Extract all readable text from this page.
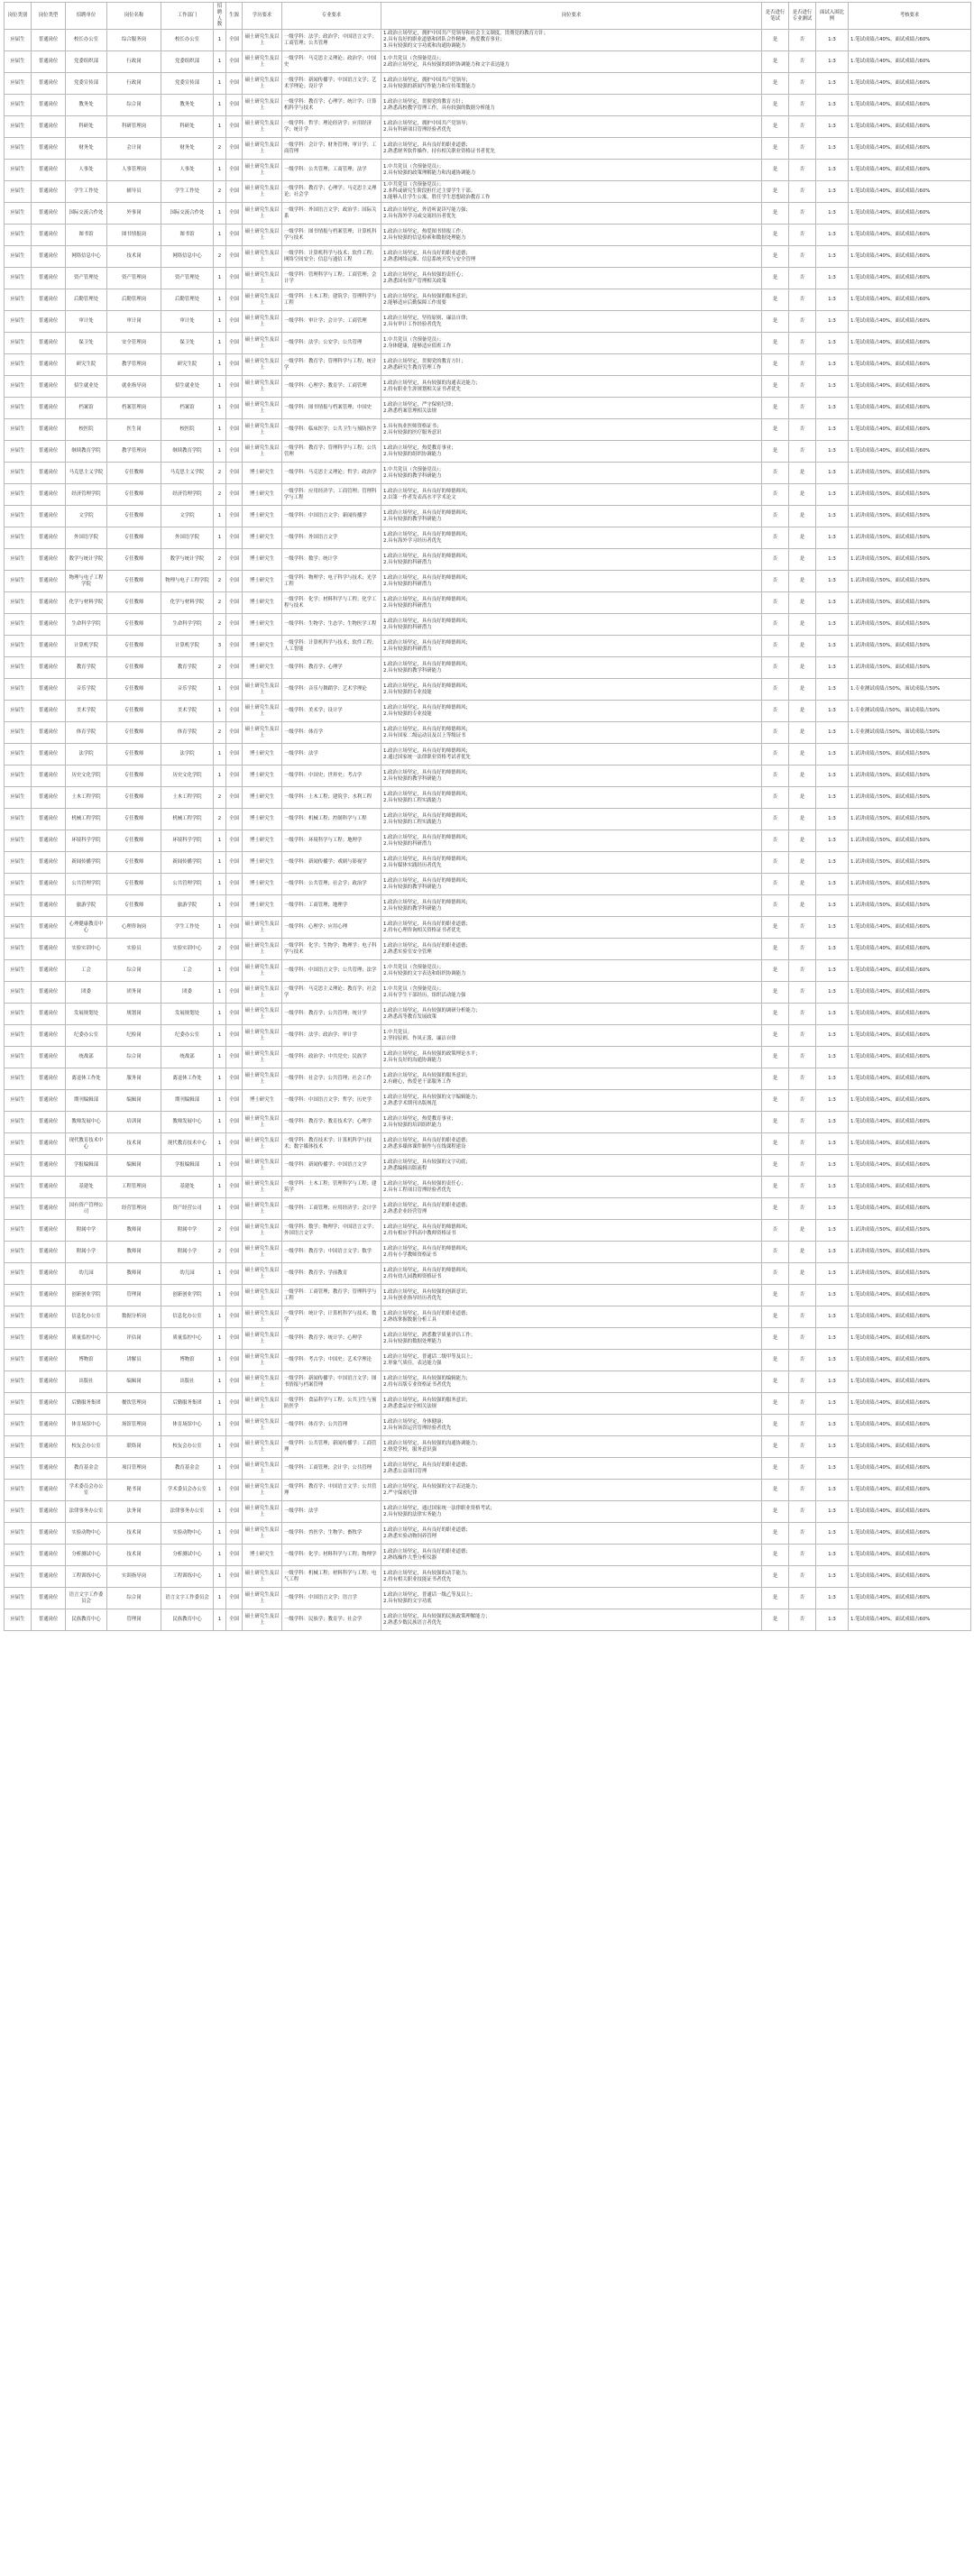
岗位类别	岗位类型	招聘单位	岗位名称	工作部门	招聘人数	生源	学历要求	专业要求	岗位要求	是否进行笔试	是否进行专业测试	面试入围比例	考核要求
应届生	普通岗位	校长办公室	综合服务岗	校长办公室	1	全国	硕士研究生及以上	一级学科：法学；政治学；中国语言文学；工商管理；公共管理	1.政治立场坚定，拥护中国共产党领导和社会主义制度，贯彻党的教育方针；
2.具有良好的职业道德和团队合作精神，热爱教育事业；
3.具有较强的文字功底和沟通协调能力	是	否	1:3	1.笔试成绩占40%，面试成绩占60%
应届生	普通岗位	党委组织部	行政岗	党委组织部	1	全国	硕士研究生及以上	一级学科：马克思主义理论；政治学；中国史	1.中共党员（含预备党员）；
2.政治立场坚定，具有较强的组织协调能力和文字表达能力	是	否	1:3	1.笔试成绩占40%，面试成绩占60%
应届生	普通岗位	党委宣传部	行政岗	党委宣传部	1	全国	硕士研究生及以上	一级学科：新闻传播学；中国语言文学；艺术学理论；设计学	1.政治立场坚定，拥护中国共产党领导；
2.具有较强的新闻写作能力和宣传策划能力	是	否	1:3	1.笔试成绩占40%，面试成绩占60%
应届生	普通岗位	教务处	综合岗	教务处	1	全国	硕士研究生及以上	一级学科：教育学；心理学；统计学；计算机科学与技术	1.政治立场坚定，贯彻党的教育方针；
2.熟悉高校教学管理工作，具有较强的数据分析能力	是	否	1:3	1.笔试成绩占40%，面试成绩占60%
应届生	普通岗位	科研处	科研管理岗	科研处	1	全国	硕士研究生及以上	一级学科：哲学；理论经济学；应用经济学；统计学	1.政治立场坚定，拥护中国共产党领导；
2.具有科研项目管理经验者优先	是	否	1:3	1.笔试成绩占40%，面试成绩占60%
应届生	普通岗位	财务处	会计岗	财务处	2	全国	硕士研究生及以上	一级学科：会计学；财务管理；审计学；工商管理	1.政治立场坚定，具有良好的职业道德；
2.熟悉财务软件操作，持有相关职业资格证书者优先	是	否	1:3	1.笔试成绩占40%，面试成绩占60%
应届生	普通岗位	人事处	人事管理岗	人事处	1	全国	硕士研究生及以上	一级学科：公共管理；工商管理；法学	1.中共党员（含预备党员）；
2.具有较强的政策理解能力和沟通协调能力	是	否	1:3	1.笔试成绩占40%，面试成绩占60%
应届生	普通岗位	学生工作处	辅导员	学生工作处	2	全国	硕士研究生及以上	一级学科：教育学；心理学；马克思主义理论；社会学	1.中共党员（含预备党员）；
2.本科或研究生阶段担任过主要学生干部；
3.能够入住学生公寓，胜任学生思想政治教育工作	是	否	1:3	1.笔试成绩占40%，面试成绩占60%
应届生	普通岗位	国际交流合作处	外事岗	国际交流合作处	1	全国	硕士研究生及以上	一级学科：外国语言文学；政治学；国际关系	1.政治立场坚定，外语听说读写能力强；
2.具有海外学习或交流经历者优先	是	否	1:3	1.笔试成绩占40%，面试成绩占60%
应届生	普通岗位	图书馆	图书情报岗	图书馆	1	全国	硕士研究生及以上	一级学科：图书情报与档案管理；计算机科学与技术	1.政治立场坚定，热爱图书情报工作；
2.具有较强的信息检索和数据处理能力	是	否	1:3	1.笔试成绩占40%，面试成绩占60%
应届生	普通岗位	网络信息中心	技术岗	网络信息中心	2	全国	硕士研究生及以上	一级学科：计算机科学与技术；软件工程；网络空间安全；信息与通信工程	1.政治立场坚定，具有良好的职业道德；
2.熟悉网络运维、信息系统开发与安全管理	是	否	1:3	1.笔试成绩占40%，面试成绩占60%
应届生	普通岗位	资产管理处	资产管理岗	资产管理处	1	全国	硕士研究生及以上	一级学科：管理科学与工程；工商管理；会计学	1.政治立场坚定，具有较强的责任心；
2.熟悉国有资产管理相关政策	是	否	1:3	1.笔试成绩占40%，面试成绩占60%
应届生	普通岗位	后勤管理处	后勤管理岗	后勤管理处	1	全国	硕士研究生及以上	一级学科：土木工程；建筑学；管理科学与工程	1.政治立场坚定，具有较强的服务意识；
2.能够适应后勤保障工作需要	是	否	1:3	1.笔试成绩占40%，面试成绩占60%
应届生	普通岗位	审计处	审计岗	审计处	1	全国	硕士研究生及以上	一级学科：审计学；会计学；工商管理	1.政治立场坚定，坚持原则、廉洁自律；
2.具有审计工作经验者优先	是	否	1:3	1.笔试成绩占40%，面试成绩占60%
应届生	普通岗位	保卫处	安全管理岗	保卫处	1	全国	硕士研究生及以上	一级学科：法学；公安学；公共管理	1.中共党员（含预备党员）；
2.身体健康，能够适应值班工作	是	否	1:3	1.笔试成绩占40%，面试成绩占60%
应届生	普通岗位	研究生院	教学管理岗	研究生院	1	全国	硕士研究生及以上	一级学科：教育学；管理科学与工程；统计学	1.政治立场坚定，贯彻党的教育方针；
2.熟悉研究生教育管理工作	是	否	1:3	1.笔试成绩占40%，面试成绩占60%
应届生	普通岗位	招生就业处	就业指导岗	招生就业处	1	全国	硕士研究生及以上	一级学科：心理学；教育学；工商管理	1.政治立场坚定，具有较强的沟通表达能力；
2.持有职业生涯规划相关证书者优先	是	否	1:3	1.笔试成绩占40%，面试成绩占60%
应届生	普通岗位	档案馆	档案管理岗	档案馆	1	全国	硕士研究生及以上	一级学科：图书情报与档案管理；中国史	1.政治立场坚定，严守保密纪律；
2.熟悉档案管理相关法规	是	否	1:3	1.笔试成绩占40%，面试成绩占60%
应届生	普通岗位	校医院	医生岗	校医院	1	全国	硕士研究生及以上	一级学科：临床医学；公共卫生与预防医学	1.具有执业医师资格证书；
2.具有较强的医疗服务意识	是	否	1:3	1.笔试成绩占40%，面试成绩占60%
应届生	普通岗位	继续教育学院	教学管理岗	继续教育学院	1	全国	硕士研究生及以上	一级学科：教育学；管理科学与工程；公共管理	1.政治立场坚定，热爱教育事业；
2.具有较强的组织协调能力	是	否	1:3	1.笔试成绩占40%，面试成绩占60%
应届生	普通岗位	马克思主义学院	专任教师	马克思主义学院	2	全国	博士研究生	一级学科：马克思主义理论；哲学；政治学	1.中共党员（含预备党员）；
2.具有较强的教学科研能力	否	是	1:3	1.试讲成绩占50%，面试成绩占50%
应届生	普通岗位	经济管理学院	专任教师	经济管理学院	2	全国	博士研究生	一级学科：应用经济学；工商管理；管理科学与工程	1.政治立场坚定，具有良好的师德师风；
2.以第一作者发表高水平学术论文	否	是	1:3	1.试讲成绩占50%，面试成绩占50%
应届生	普通岗位	文学院	专任教师	文学院	1	全国	博士研究生	一级学科：中国语言文学；新闻传播学	1.政治立场坚定，具有良好的师德师风；
2.具有较强的教学科研能力	否	是	1:3	1.试讲成绩占50%，面试成绩占50%
应届生	普通岗位	外国语学院	专任教师	外国语学院	1	全国	博士研究生	一级学科：外国语言文学	1.政治立场坚定，具有良好的师德师风；
2.具有海外学习经历者优先	否	是	1:3	1.试讲成绩占50%，面试成绩占50%
应届生	普通岗位	数学与统计学院	专任教师	数学与统计学院	2	全国	博士研究生	一级学科：数学；统计学	1.政治立场坚定，具有良好的师德师风；
2.具有较强的科研潜力	否	是	1:3	1.试讲成绩占50%，面试成绩占50%
应届生	普通岗位	物理与电子工程学院	专任教师	物理与电子工程学院	2	全国	博士研究生	一级学科：物理学；电子科学与技术；光学工程	1.政治立场坚定，具有良好的师德师风；
2.具有较强的科研潜力	否	是	1:3	1.试讲成绩占50%，面试成绩占50%
应届生	普通岗位	化学与材料学院	专任教师	化学与材料学院	2	全国	博士研究生	一级学科：化学；材料科学与工程；化学工程与技术	1.政治立场坚定，具有良好的师德师风；
2.具有较强的科研潜力	否	是	1:3	1.试讲成绩占50%，面试成绩占50%
应届生	普通岗位	生命科学学院	专任教师	生命科学学院	2	全国	博士研究生	一级学科：生物学；生态学；生物医学工程	1.政治立场坚定，具有良好的师德师风；
2.具有较强的科研潜力	否	是	1:3	1.试讲成绩占50%，面试成绩占50%
应届生	普通岗位	计算机学院	专任教师	计算机学院	3	全国	博士研究生	一级学科：计算机科学与技术；软件工程；人工智能	1.政治立场坚定，具有良好的师德师风；
2.具有较强的科研潜力	否	是	1:3	1.试讲成绩占50%，面试成绩占50%
应届生	普通岗位	教育学院	专任教师	教育学院	2	全国	博士研究生	一级学科：教育学；心理学	1.政治立场坚定，具有良好的师德师风；
2.具有较强的教学科研能力	否	是	1:3	1.试讲成绩占50%，面试成绩占50%
应届生	普通岗位	音乐学院	专任教师	音乐学院	1	全国	硕士研究生及以上	一级学科：音乐与舞蹈学；艺术学理论	1.政治立场坚定，具有良好的师德师风；
2.具有较强的专业技能	否	是	1:3	1.专业测试成绩占50%，面试成绩占50%
应届生	普通岗位	美术学院	专任教师	美术学院	1	全国	硕士研究生及以上	一级学科：美术学；设计学	1.政治立场坚定，具有良好的师德师风；
2.具有较强的专业技能	否	是	1:3	1.专业测试成绩占50%，面试成绩占50%
应届生	普通岗位	体育学院	专任教师	体育学院	2	全国	硕士研究生及以上	一级学科：体育学	1.政治立场坚定，具有良好的师德师风；
2.具有国家二级运动员及以上等级证书	否	是	1:3	1.专业测试成绩占50%，面试成绩占50%
应届生	普通岗位	法学院	专任教师	法学院	1	全国	博士研究生	一级学科：法学	1.政治立场坚定，具有良好的师德师风；
2.通过国家统一法律职业资格考试者优先	否	是	1:3	1.试讲成绩占50%，面试成绩占50%
应届生	普通岗位	历史文化学院	专任教师	历史文化学院	1	全国	博士研究生	一级学科：中国史；世界史；考古学	1.政治立场坚定，具有良好的师德师风；
2.具有较强的教学科研能力	否	是	1:3	1.试讲成绩占50%，面试成绩占50%
应届生	普通岗位	土木工程学院	专任教师	土木工程学院	2	全国	博士研究生	一级学科：土木工程；建筑学；水利工程	1.政治立场坚定，具有良好的师德师风；
2.具有较强的工程实践能力	否	是	1:3	1.试讲成绩占50%，面试成绩占50%
应届生	普通岗位	机械工程学院	专任教师	机械工程学院	2	全国	博士研究生	一级学科：机械工程；控制科学与工程	1.政治立场坚定，具有良好的师德师风；
2.具有较强的工程实践能力	否	是	1:3	1.试讲成绩占50%，面试成绩占50%
应届生	普通岗位	环境科学学院	专任教师	环境科学学院	1	全国	博士研究生	一级学科：环境科学与工程；地理学	1.政治立场坚定，具有良好的师德师风；
2.具有较强的科研潜力	否	是	1:3	1.试讲成绩占50%，面试成绩占50%
应届生	普通岗位	新闻传播学院	专任教师	新闻传播学院	1	全国	博士研究生	一级学科：新闻传播学；戏剧与影视学	1.政治立场坚定，具有良好的师德师风；
2.具有媒体实践经历者优先	否	是	1:3	1.试讲成绩占50%，面试成绩占50%
应届生	普通岗位	公共管理学院	专任教师	公共管理学院	1	全国	博士研究生	一级学科：公共管理；社会学；政治学	1.政治立场坚定，具有良好的师德师风；
2.具有较强的教学科研能力	否	是	1:3	1.试讲成绩占50%，面试成绩占50%
应届生	普通岗位	旅游学院	专任教师	旅游学院	1	全国	博士研究生	一级学科：工商管理；地理学	1.政治立场坚定，具有良好的师德师风；
2.具有较强的教学科研能力	否	是	1:3	1.试讲成绩占50%，面试成绩占50%
应届生	普通岗位	心理健康教育中心	心理咨询岗	学生工作处	1	全国	硕士研究生及以上	一级学科：心理学；应用心理	1.政治立场坚定，具有良好的职业道德；
2.持有心理咨询相关资格证书者优先	是	否	1:3	1.笔试成绩占40%，面试成绩占60%
应届生	普通岗位	实验实训中心	实验员	实验实训中心	2	全国	硕士研究生及以上	一级学科：化学；生物学；物理学；电子科学与技术	1.政治立场坚定，具有良好的职业道德；
2.熟悉实验室安全管理	是	否	1:3	1.笔试成绩占40%，面试成绩占60%
应届生	普通岗位	工会	综合岗	工会	1	全国	硕士研究生及以上	一级学科：中国语言文学；公共管理；法学	1.中共党员（含预备党员）；
2.具有较强的文字表达和组织协调能力	是	否	1:3	1.笔试成绩占40%，面试成绩占60%
应届生	普通岗位	团委	团务岗	团委	1	全国	硕士研究生及以上	一级学科：马克思主义理论；教育学；社会学	1.中共党员（含预备党员）；
2.具有学生干部经历，组织活动能力强	是	否	1:3	1.笔试成绩占40%，面试成绩占60%
应届生	普通岗位	发展规划处	规划岗	发展规划处	1	全国	硕士研究生及以上	一级学科：教育学；公共管理；统计学	1.政治立场坚定，具有较强的调研分析能力；
2.熟悉高等教育发展政策	是	否	1:3	1.笔试成绩占40%，面试成绩占60%
应届生	普通岗位	纪委办公室	纪检岗	纪委办公室	1	全国	硕士研究生及以上	一级学科：法学；政治学；审计学	1.中共党员；
2.坚持原则、作风正派、廉洁自律	是	否	1:3	1.笔试成绩占40%，面试成绩占60%
应届生	普通岗位	统战部	综合岗	统战部	1	全国	硕士研究生及以上	一级学科：政治学；中共党史；民族学	1.政治立场坚定，具有较强的政策理论水平；
2.具有良好的沟通协调能力	是	否	1:3	1.笔试成绩占40%，面试成绩占60%
应届生	普通岗位	离退休工作处	服务岗	离退休工作处	1	全国	硕士研究生及以上	一级学科：社会学；公共管理；社会工作	1.政治立场坚定，具有较强的服务意识；
2.有耐心，热爱老干部服务工作	是	否	1:3	1.笔试成绩占40%，面试成绩占60%
应届生	普通岗位	期刊编辑部	编辑岗	期刊编辑部	1	全国	博士研究生	一级学科：中国语言文学；哲学；历史学	1.政治立场坚定，具有较强的文字编辑能力；
2.熟悉学术期刊出版规范	是	否	1:3	1.笔试成绩占40%，面试成绩占60%
应届生	普通岗位	教师发展中心	培训岗	教师发展中心	1	全国	硕士研究生及以上	一级学科：教育学；教育技术学；心理学	1.政治立场坚定，热爱教育事业；
2.具有较强的培训组织能力	是	否	1:3	1.笔试成绩占40%，面试成绩占60%
应届生	普通岗位	现代教育技术中心	技术岗	现代教育技术中心	1	全国	硕士研究生及以上	一级学科：教育技术学；计算机科学与技术；数字媒体技术	1.政治立场坚定，具有良好的职业道德；
2.熟悉多媒体课件制作与在线课程建设	是	否	1:3	1.笔试成绩占40%，面试成绩占60%
应届生	普通岗位	学报编辑部	编辑岗	学报编辑部	1	全国	硕士研究生及以上	一级学科：新闻传播学；中国语言文学	1.政治立场坚定，具有较强的文字功底；
2.熟悉编辑出版流程	是	否	1:3	1.笔试成绩占40%，面试成绩占60%
应届生	普通岗位	基建处	工程管理岗	基建处	1	全国	硕士研究生及以上	一级学科：土木工程；管理科学与工程；建筑学	1.政治立场坚定，具有较强的责任心；
2.具有工程项目管理经验者优先	是	否	1:3	1.笔试成绩占40%，面试成绩占60%
应届生	普通岗位	国有资产管理公司	经营管理岗	资产经营公司	1	全国	硕士研究生及以上	一级学科：工商管理；应用经济学；会计学	1.政治立场坚定，具有良好的职业道德；
2.熟悉企业经营管理	是	否	1:3	1.笔试成绩占40%，面试成绩占60%
应届生	普通岗位	附属中学	教师岗	附属中学	2	全国	硕士研究生及以上	一级学科：数学；物理学；中国语言文学；外国语言文学	1.政治立场坚定，具有良好的师德师风；
2.持有相应学科高中教师资格证书	否	是	1:3	1.试讲成绩占50%，面试成绩占50%
应届生	普通岗位	附属小学	教师岗	附属小学	2	全国	硕士研究生及以上	一级学科：教育学；中国语言文学；数学	1.政治立场坚定，具有良好的师德师风；
2.持有小学教师资格证书	否	是	1:3	1.试讲成绩占50%，面试成绩占50%
应届生	普通岗位	幼儿园	教师岗	幼儿园	1	全国	硕士研究生及以上	一级学科：教育学；学前教育	1.政治立场坚定，具有良好的师德师风；
2.持有幼儿园教师资格证书	否	是	1:3	1.试讲成绩占50%，面试成绩占50%
应届生	普通岗位	创新创业学院	管理岗	创新创业学院	1	全国	硕士研究生及以上	一级学科：工商管理；教育学；管理科学与工程	1.政治立场坚定，具有较强的创新意识；
2.具有创业指导经历者优先	是	否	1:3	1.笔试成绩占40%，面试成绩占60%
应届生	普通岗位	信息化办公室	数据分析岗	信息化办公室	1	全国	硕士研究生及以上	一级学科：统计学；计算机科学与技术；数学	1.政治立场坚定，具有良好的职业道德；
2.熟练掌握数据分析工具	是	否	1:3	1.笔试成绩占40%，面试成绩占60%
应届生	普通岗位	质量监控中心	评估岗	质量监控中心	1	全国	硕士研究生及以上	一级学科：教育学；统计学；心理学	1.政治立场坚定，熟悉教学质量评估工作；
2.具有较强的数据处理能力	是	否	1:3	1.笔试成绩占40%，面试成绩占60%
应届生	普通岗位	博物馆	讲解员	博物馆	1	全国	硕士研究生及以上	一级学科：考古学；中国史；艺术学理论	1.政治立场坚定，普通话二级甲等及以上；
2.形象气质佳，表达能力强	是	否	1:3	1.笔试成绩占40%，面试成绩占60%
应届生	普通岗位	出版社	编辑岗	出版社	1	全国	硕士研究生及以上	一级学科：新闻传播学；中国语言文学；图书情报与档案管理	1.政治立场坚定，具有较强的编辑能力；
2.持有出版专业资格证书者优先	是	否	1:3	1.笔试成绩占40%，面试成绩占60%
应届生	普通岗位	后勤服务集团	餐饮管理岗	后勤服务集团	1	全国	硕士研究生及以上	一级学科：食品科学与工程；公共卫生与预防医学	1.政治立场坚定，具有较强的服务意识；
2.熟悉食品安全相关法规	是	否	1:3	1.笔试成绩占40%，面试成绩占60%
应届生	普通岗位	体育场馆中心	场馆管理岗	体育场馆中心	1	全国	硕士研究生及以上	一级学科：体育学；公共管理	1.政治立场坚定，身体健康；
2.具有场馆运营管理经验者优先	是	否	1:3	1.笔试成绩占40%，面试成绩占60%
应届生	普通岗位	校友会办公室	联络岗	校友会办公室	1	全国	硕士研究生及以上	一级学科：公共管理；新闻传播学；工商管理	1.政治立场坚定，具有较强的沟通协调能力；
2.热爱学校，服务意识强	是	否	1:3	1.笔试成绩占40%，面试成绩占60%
应届生	普通岗位	教育基金会	项目管理岗	教育基金会	1	全国	硕士研究生及以上	一级学科：工商管理；会计学；公共管理	1.政治立场坚定，具有良好的职业道德；
2.熟悉公益项目管理	是	否	1:3	1.笔试成绩占40%，面试成绩占60%
应届生	普通岗位	学术委员会办公室	秘书岗	学术委员会办公室	1	全国	硕士研究生及以上	一级学科：教育学；中国语言文学；公共管理	1.政治立场坚定，具有较强的文字表达能力；
2.严守保密纪律	是	否	1:3	1.笔试成绩占40%，面试成绩占60%
应届生	普通岗位	法律事务办公室	法务岗	法律事务办公室	1	全国	硕士研究生及以上	一级学科：法学	1.政治立场坚定，通过国家统一法律职业资格考试；
2.具有较强的法律实务能力	是	否	1:3	1.笔试成绩占40%，面试成绩占60%
应届生	普通岗位	实验动物中心	技术岗	实验动物中心	1	全国	硕士研究生及以上	一级学科：兽医学；生物学；畜牧学	1.政治立场坚定，具有良好的职业道德；
2.熟悉实验动物饲养管理	是	否	1:3	1.笔试成绩占40%，面试成绩占60%
应届生	普通岗位	分析测试中心	技术岗	分析测试中心	1	全国	博士研究生	一级学科：化学；材料科学与工程；物理学	1.政治立场坚定，具有良好的职业道德；
2.熟练操作大型分析仪器	是	否	1:3	1.笔试成绩占40%，面试成绩占60%
应届生	普通岗位	工程训练中心	实训指导岗	工程训练中心	1	全国	硕士研究生及以上	一级学科：机械工程；材料科学与工程；电气工程	1.政治立场坚定，具有较强的动手能力；
2.持有相关职业技能证书者优先	是	否	1:3	1.笔试成绩占40%，面试成绩占60%
应届生	普通岗位	语言文字工作委员会	综合岗	语言文字工作委员会	1	全国	硕士研究生及以上	一级学科：中国语言文学；语言学	1.政治立场坚定，普通话一级乙等及以上；
2.具有较强的文字功底	是	否	1:3	1.笔试成绩占40%，面试成绩占60%
应届生	普通岗位	民族教育中心	管理岗	民族教育中心	1	全国	硕士研究生及以上	一级学科：民族学；教育学；社会学	1.政治立场坚定，具有较强的民族政策理解能力；
2.熟悉少数民族语言者优先	是	否	1:3	1.笔试成绩占40%，面试成绩占60%
